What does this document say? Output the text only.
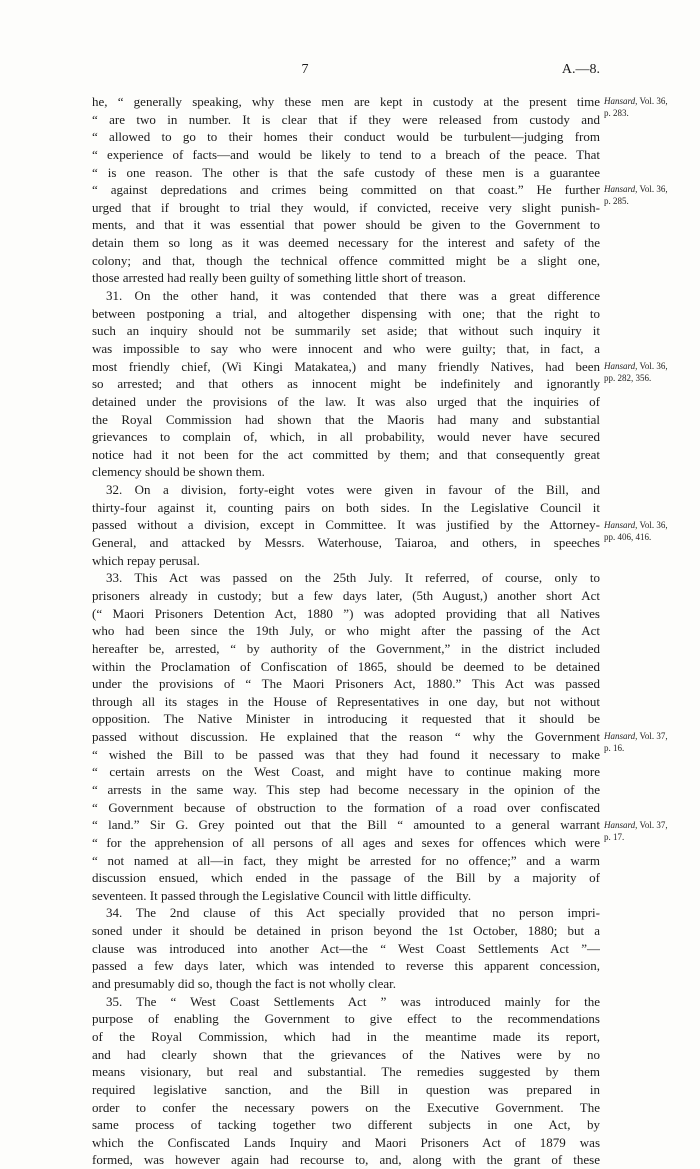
7	A.—8.
he, “ generally speaking, why these men are kept in custody at the present time
“ are two in number. It is clear that if they were released from custody and
“ allowed to go to their homes their conduct would be turbulent—judging from
“ experience of facts—and would be likely to tend to a breach of the peace. That
“ is one reason. The other is that the safe custody of these men is a guarantee
“ against depredations and crimes being committed on that coast.” He further
urged that if brought to trial they would, if convicted, receive very slight punish-
ments, and that it was essential that power should be given to the Government to
detain them so long as it was deemed necessary for the interest and safety of the
colony; and that, though the technical offence committed might be a slight one,
those arrested had really been guilty of something little short of treason.
31. On the other hand, it was contended that there was a great difference
between postponing a trial, and altogether dispensing with one; that the right to
such an inquiry should not be summarily set aside; that without such inquiry it
was impossible to say who were innocent and who were guilty; that, in fact, a
most friendly chief, (Wi Kingi Matakatea,) and many friendly Natives, had been
so arrested; and that others as innocent might be indefinitely and ignorantly
detained under the provisions of the law. It was also urged that the inquiries of
the Royal Commission had shown that the Maoris had many and substantial
grievances to complain of, which, in all probability, would never have secured
notice had it not been for the act committed by them; and that consequently great
clemency should be shown them.
32. On a division, forty-eight votes were given in favour of the Bill, and
thirty-four against it, counting pairs on both sides. In the Legislative Council it
passed without a division, except in Committee. It was justified by the Attorney-
General, and attacked by Messrs. Waterhouse, Taiaroa, and others, in speeches
which repay perusal.
33. This Act was passed on the 25th July. It referred, of course, only to
prisoners already in custody; but a few days later, (5th August,) another short Act
(“ Maori Prisoners Detention Act, 1880 ”) was adopted providing that all Natives
who had been since the 19th July, or who might after the passing of the Act
hereafter be, arrested, “ by authority of the Government,” in the district included
within the Proclamation of Confiscation of 1865, should be deemed to be detained
under the provisions of “ The Maori Prisoners Act, 1880.” This Act was passed
through all its stages in the House of Representatives in one day, but not without
opposition. The Native Minister in introducing it requested that it should be
passed without discussion. He explained that the reason “ why the Government
“ wished the Bill to be passed was that they had found it necessary to make
“ certain arrests on the West Coast, and might have to continue making more
“ arrests in the same way. This step had become necessary in the opinion of the
“ Government because of obstruction to the formation of a road over confiscated
“ land.” Sir G. Grey pointed out that the Bill “ amounted to a general warrant
“ for the apprehension of all persons of all ages and sexes for offences which were
“ not named at all—in fact, they might be arrested for no offence;” and a warm
discussion ensued, which ended in the passage of the Bill by a majority of
seventeen. It passed through the Legislative Council with little difficulty.
34. The 2nd clause of this Act specially provided that no person impri-
soned under it should be detained in prison beyond the 1st October, 1880; but a
clause was introduced into another Act—the “ West Coast Settlements Act ”—
passed a few days later, which was intended to reverse this apparent concession,
and presumably did so, though the fact is not wholly clear.
35. The “ West Coast Settlements Act ” was introduced mainly for the
purpose of enabling the Government to give effect to the recommendations
of the Royal Commission, which had in the meantime made its report,
and had clearly shown that the grievances of the Natives were by no
means visionary, but real and substantial. The remedies suggested by them
required legislative sanction, and the Bill in question was prepared in
order to confer the necessary powers on the Executive Government. The
same process of tacking together two different subjects in one Act, by
which the Confiscated Lands Inquiry and Maori Prisoners Act of 1879 was
formed, was however again had recourse to, and, along with the grant of these
Hansard, Vol. 36,
p. 283.
Hansard, Vol. 36,
p. 285.
Hansard, Vol. 36,
pp. 282, 356.
Hansard, Vol. 36,
pp. 406, 416.
Hansard, Vol. 37,
p. 16.
Hansard, Vol. 37,
p. 17.
